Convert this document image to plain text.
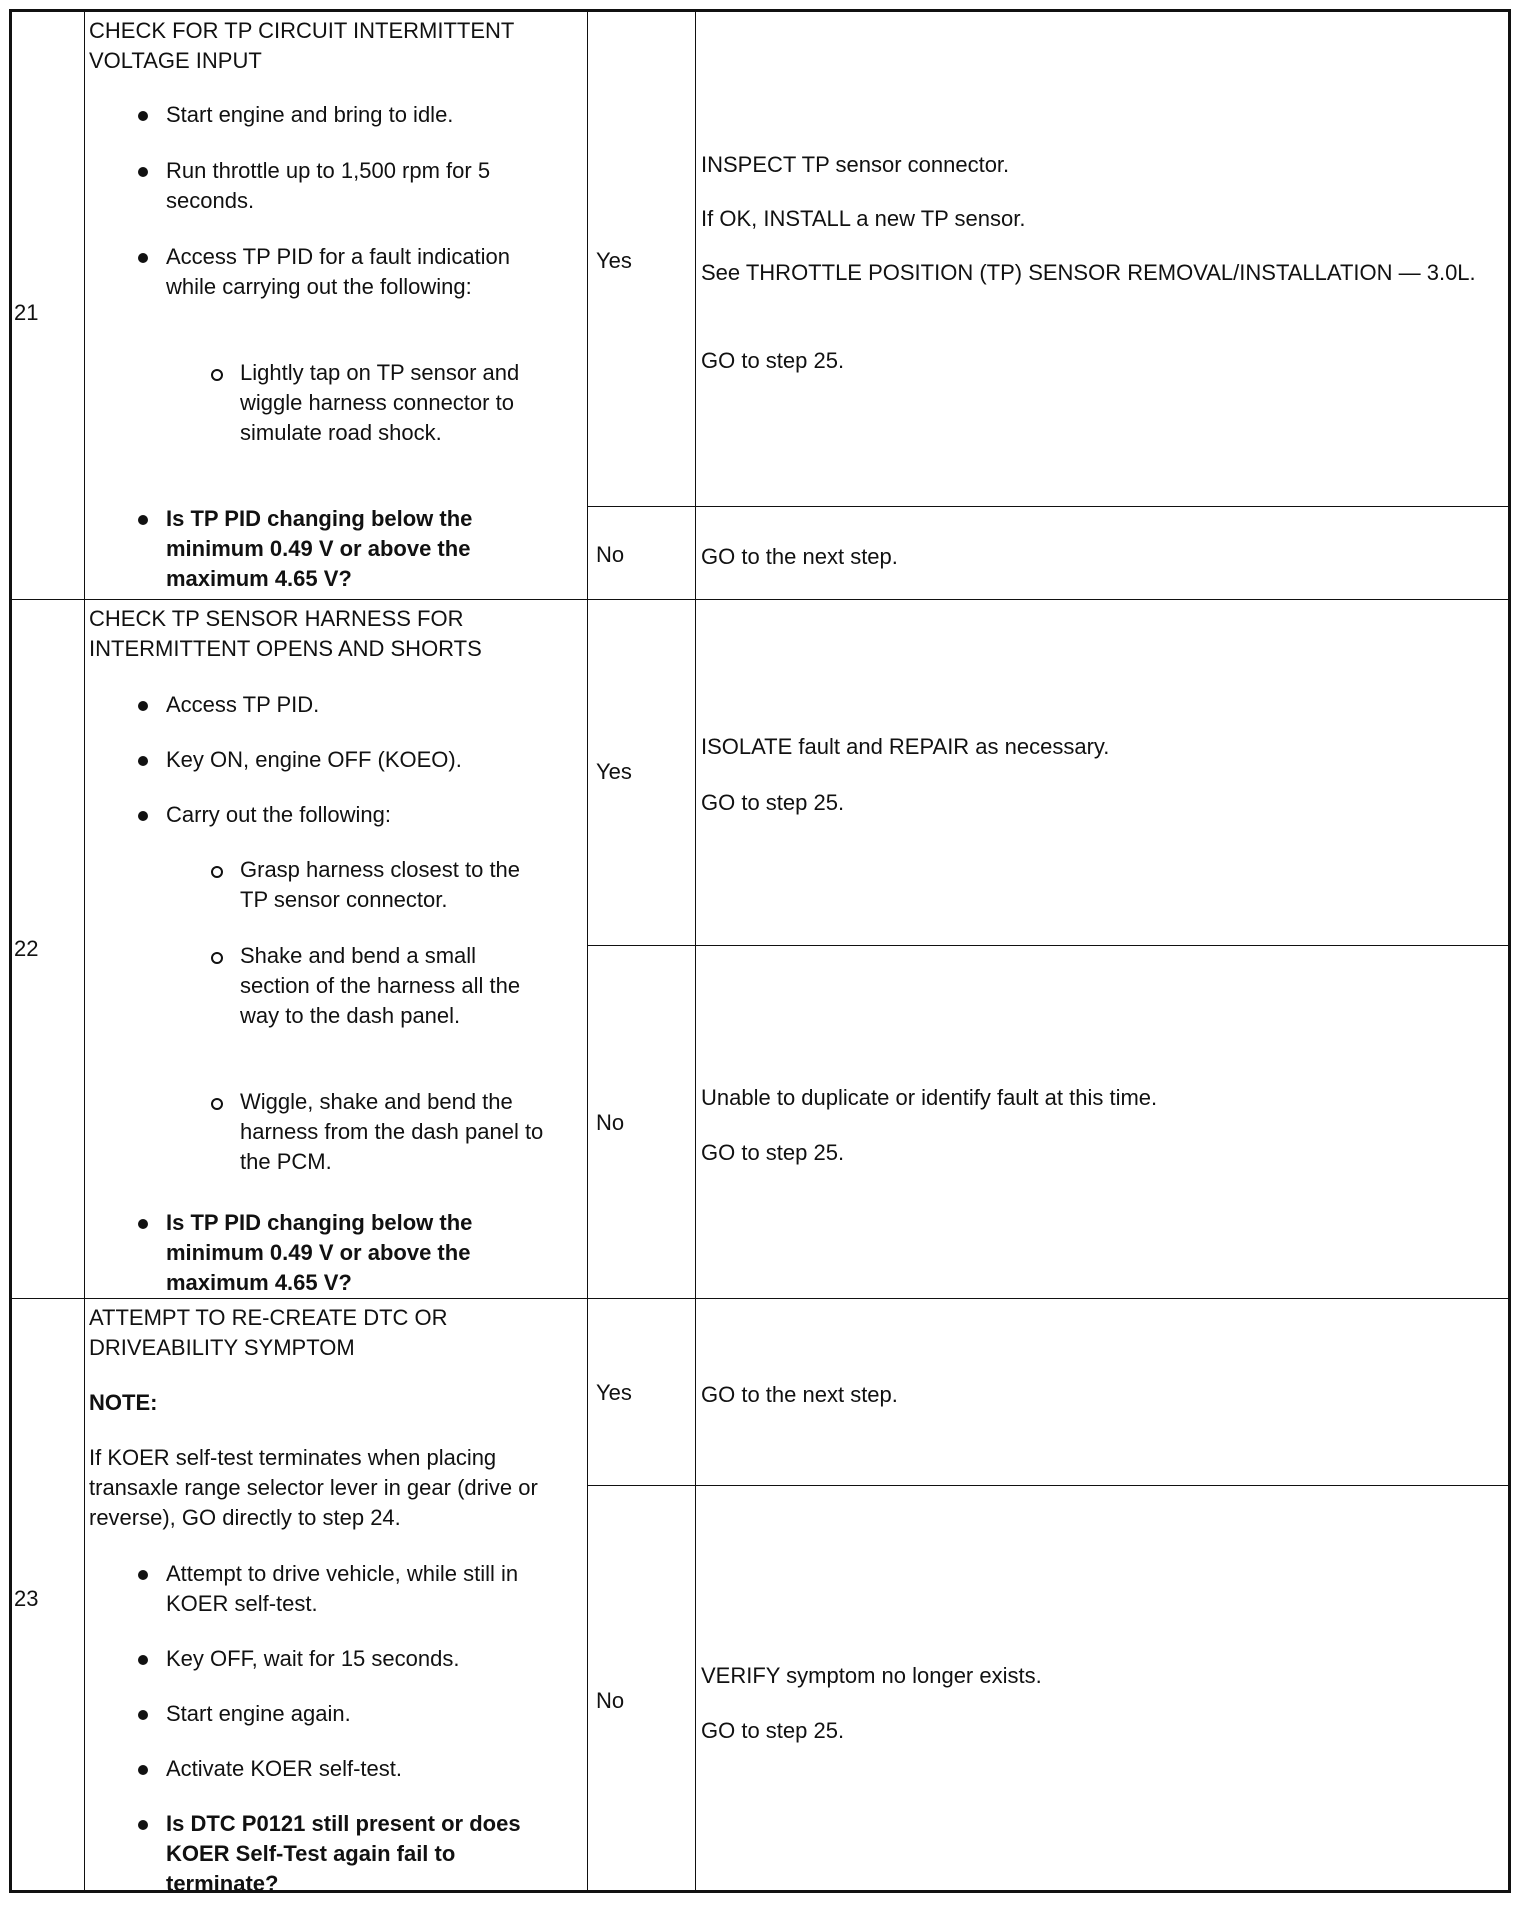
21
CHECK FOR TP CIRCUIT INTERMITTENT
VOLTAGE INPUT
Start engine and bring to idle.
Run throttle up to 1,500 rpm for 5 seconds.
Access TP PID for a fault indication while carrying out the following:
Lightly tap on TP sensor and wiggle harness connector to simulate road shock.
Is TP PID changing below the minimum 0.49 V or above the maximum 4.65 V?
Yes
INSPECT TP sensor connector.
If OK, INSTALL a new TP sensor.
See THROTTLE POSITION (TP) SENSOR REMOVAL/INSTALLATION — 3.0L.
GO to step 25.
No	GO to the next step.
22
CHECK TP SENSOR HARNESS FOR
INTERMITTENT OPENS AND SHORTS
Access TP PID.
Key ON, engine OFF (KOEO).
Carry out the following:
Grasp harness closest to the TP sensor connector.
Shake and bend a small section of the harness all the way to the dash panel.
Wiggle, shake and bend the harness from the dash panel to the PCM.
Is TP PID changing below the minimum 0.49 V or above the maximum 4.65 V?
Yes
ISOLATE fault and REPAIR as necessary.
GO to step 25.
No
Unable to duplicate or identify fault at this time.
GO to step 25.
23
ATTEMPT TO RE-CREATE DTC OR
DRIVEABILITY SYMPTOM
NOTE:
If KOER self-test terminates when placing transaxle range selector lever in gear (drive or reverse), GO directly to step 24.
Attempt to drive vehicle, while still in KOER self-test.
Key OFF, wait for 15 seconds.
Start engine again.
Activate KOER self-test.
Is DTC P0121 still present or does KOER Self-Test again fail to terminate?
Yes	GO to the next step.
No
VERIFY symptom no longer exists.
GO to step 25.
